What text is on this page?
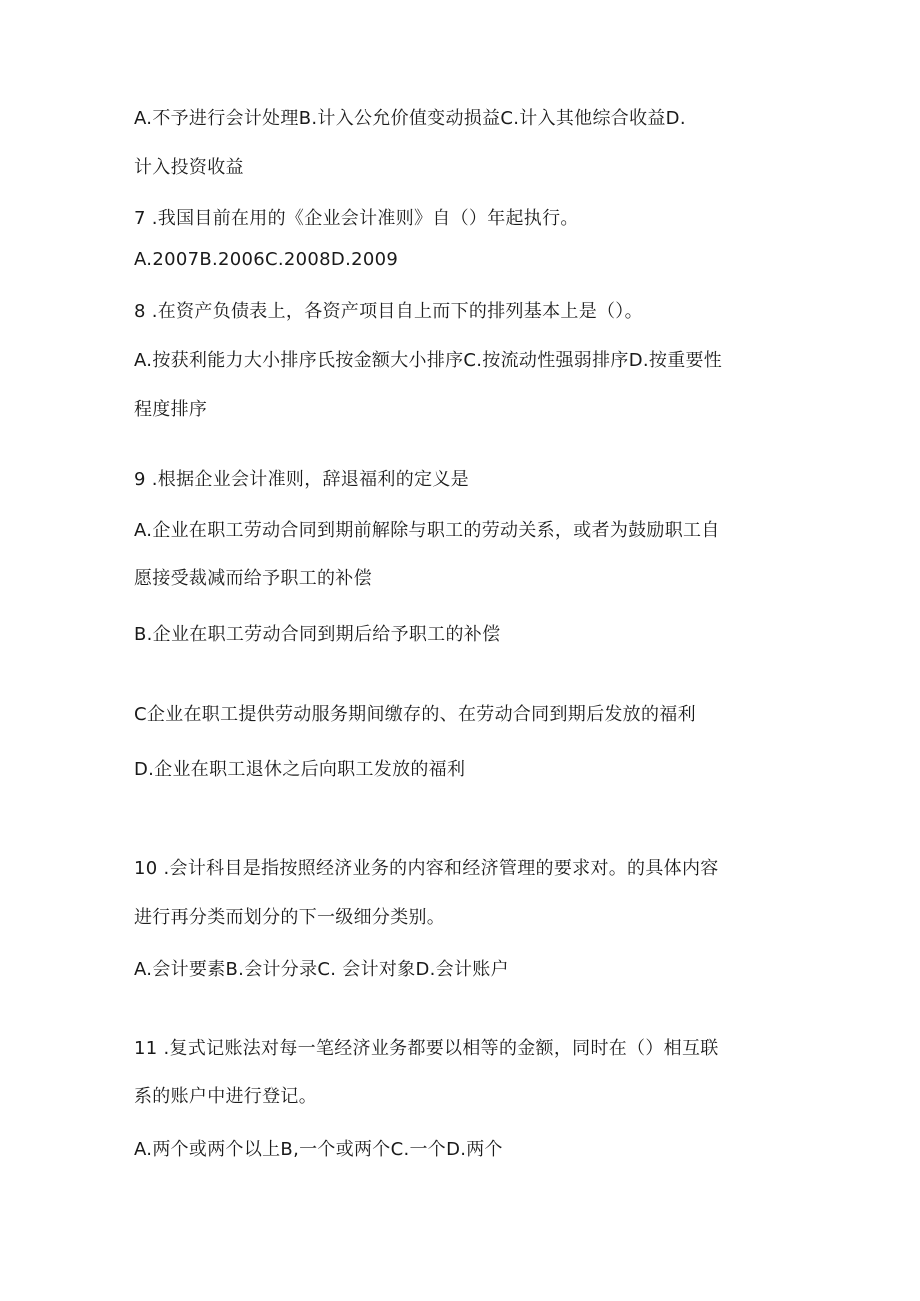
A.不予进行会计处理B.计入公允价值变动损益C.计入其他综合收益D.
计入投资收益
7 .我国目前在用的《企业会计准则》自（）年起执行。
A.2007B.2006C.2008D.2009
8 .在资产负债表上，各资产项目自上而下的排列基本上是（）。
A.按获利能力大小排序氏按金额大小排序C.按流动性强弱排序D.按重要性
程度排序
9 .根据企业会计准则，辞退福利的定义是
A.企业在职工劳动合同到期前解除与职工的劳动关系，或者为鼓励职工自
愿接受裁减而给予职工的补偿
B.企业在职工劳动合同到期后给予职工的补偿
C企业在职工提供劳动服务期间缴存的、在劳动合同到期后发放的福利
D.企业在职工退休之后向职工发放的福利
10 .会计科目是指按照经济业务的内容和经济管理的要求对。的具体内容
进行再分类而划分的下一级细分类别。
A.会计要素B.会计分录C. 会计对象D.会计账户
11 .复式记账法对每一笔经济业务都要以相等的金额，同时在（）相互联
系的账户中进行登记。
A.两个或两个以上B,一个或两个C.一个D.两个
